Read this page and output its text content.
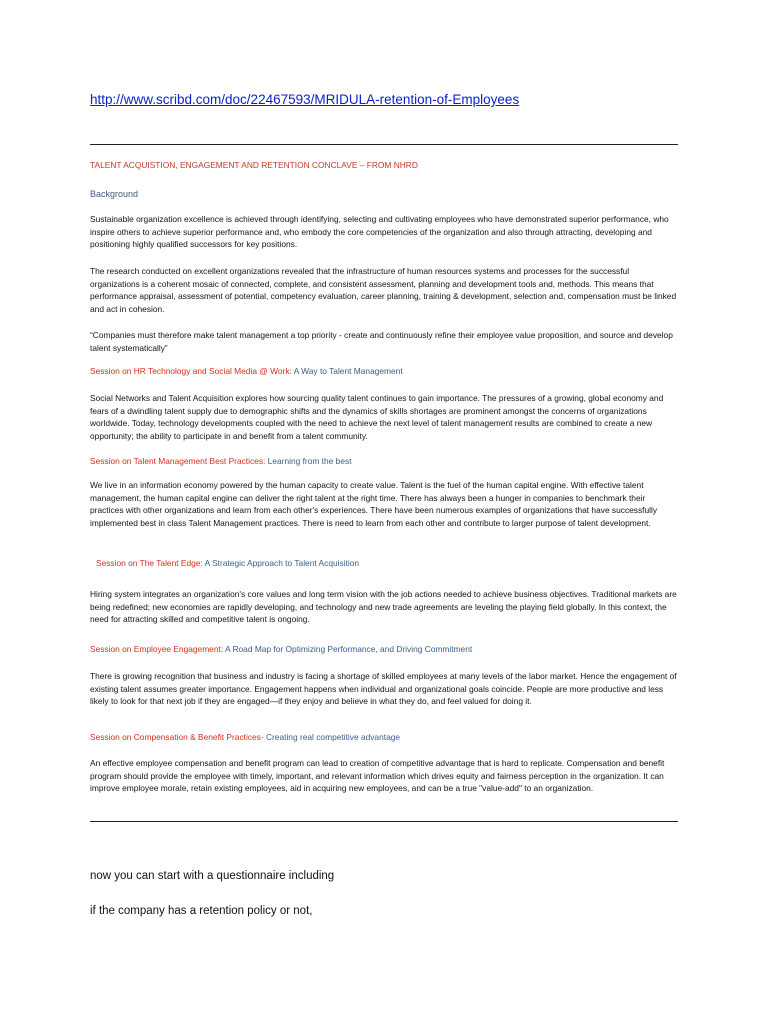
http://www.scribd.com/doc/22467593/MRIDULA-retention-of-Employees
TALENT ACQUISTION, ENGAGEMENT AND RETENTION CONCLAVE – FROM NHRD
Background
Sustainable organization excellence is achieved through identifying, selecting and cultivating employees who have demonstrated superior performance, who inspire others to achieve superior performance and, who embody the core competencies of the organization and also through attracting, developing and positioning highly qualified successors for key positions.
The research conducted on excellent organizations revealed that the infrastructure of human resources systems and processes for the successful organizations is a coherent mosaic of connected, complete, and consistent assessment, planning and development tools and, methods. This means that performance appraisal, assessment of potential, competency evaluation, career planning, training & development, selection and, compensation must be linked and act in cohesion.
“Companies must therefore make talent management a top priority - create and continuously refine their employee value proposition, and source and develop talent systematically”
Session on HR Technology and Social Media @ Work: A Way to Talent Management
Social Networks and Talent Acquisition explores how sourcing quality talent continues to gain importance. The pressures of a growing, global economy and fears of a dwindling talent supply due to demographic shifts and the dynamics of skills shortages are prominent amongst the concerns of organizations worldwide. Today, technology developments coupled with the need to achieve the next level of talent management results are combined to create a new opportunity; the ability to participate in and benefit from a talent community.
Session on Talent Management Best Practices: Learning from the best
We live in an information economy powered by the human capacity to create value. Talent is the fuel of the human capital engine. With effective talent management, the human capital engine can deliver the right talent at the right time. There has always been a hunger in companies to benchmark their practices with other organizations and learn from each other's experiences. There have been numerous examples of organizations that have successfully implemented best in class Talent Management practices. There is need to learn from each other and contribute to larger purpose of talent development.
Session on The Talent Edge: A Strategic Approach to Talent Acquisition
Hiring system integrates an organization's core values and long term vision with the job actions needed to achieve business objectives. Traditional markets are being redefined; new economies are rapidly developing, and technology and new trade agreements are leveling the playing field globally. In this context, the need for attracting skilled and competitive talent is ongoing.
Session on Employee Engagement: A Road Map for Optimizing Performance, and Driving Commitment
There is growing recognition that business and industry is facing a shortage of skilled employees at many levels of the labor market. Hence the engagement of existing talent assumes greater importance. Engagement happens when individual and organizational goals coincide. People are more productive and less likely to look for that next job if they are engaged—if they enjoy and believe in what they do, and feel valued for doing it.
Session on Compensation & Benefit Practices- Creating real competitive advantage
An effective employee compensation and benefit program can lead to creation of competitive advantage that is hard to replicate. Compensation and benefit program should provide the employee with timely, important, and relevant information which drives equity and fairness perception in the organization. It can improve employee morale, retain existing employees, aid in acquiring new employees, and can be a true "value-add" to an organization.
now you can start with a questionnaire including
if the company has a retention policy or not,
